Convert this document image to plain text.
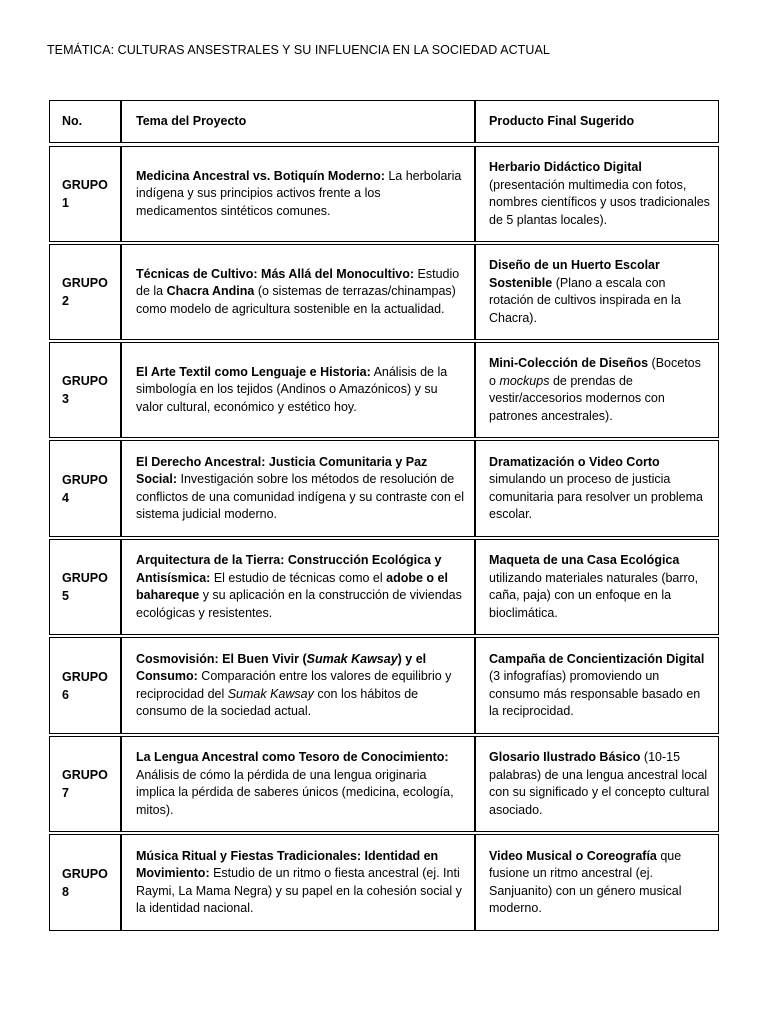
TEMÁTICA: CULTURAS ANSESTRALES Y SU INFLUENCIA EN LA SOCIEDAD ACTUAL
No.	Tema del Proyecto	Producto Final Sugerido
GRUPO 1
Medicina Ancestral vs. Botiquín Moderno: La herbolaria indígena y sus principios activos frente a los medicamentos sintéticos comunes.
Herbario Didáctico Digital (presentación multimedia con fotos, nombres científicos y usos tradicionales de 5 plantas locales).
GRUPO 2
Técnicas de Cultivo: Más Allá del Monocultivo: Estudio de la Chacra Andina (o sistemas de terrazas/chinampas) como modelo de agricultura sostenible en la actualidad.
Diseño de un Huerto Escolar Sostenible (Plano a escala con rotación de cultivos inspirada en la Chacra).
GRUPO 3
El Arte Textil como Lenguaje e Historia: Análisis de la simbología en los tejidos (Andinos o Amazónicos) y su valor cultural, económico y estético hoy.
Mini-Colección de Diseños (Bocetos o mockups de prendas de vestir/accesorios modernos con patrones ancestrales).
GRUPO 4
El Derecho Ancestral: Justicia Comunitaria y Paz Social: Investigación sobre los métodos de resolución de conflictos de una comunidad indígena y su contraste con el sistema judicial moderno.
Dramatización o Video Corto simulando un proceso de justicia comunitaria para resolver un problema escolar.
GRUPO 5
Arquitectura de la Tierra: Construcción Ecológica y Antisísmica: El estudio de técnicas como el adobe o el bahareque y su aplicación en la construcción de viviendas ecológicas y resistentes.
Maqueta de una Casa Ecológica utilizando materiales naturales (barro, caña, paja) con un enfoque en la bioclimática.
GRUPO 6
Cosmovisión: El Buen Vivir (Sumak Kawsay) y el Consumo: Comparación entre los valores de equilibrio y reciprocidad del Sumak Kawsay con los hábitos de consumo de la sociedad actual.
Campaña de Concientización Digital (3 infografías) promoviendo un consumo más responsable basado en la reciprocidad.
GRUPO 7
La Lengua Ancestral como Tesoro de Conocimiento: Análisis de cómo la pérdida de una lengua originaria implica la pérdida de saberes únicos (medicina, ecología, mitos).
Glosario Ilustrado Básico (10-15 palabras) de una lengua ancestral local con su significado y el concepto cultural asociado.
GRUPO 8
Música Ritual y Fiestas Tradicionales: Identidad en Movimiento: Estudio de un ritmo o fiesta ancestral (ej. Inti Raymi, La Mama Negra) y su papel en la cohesión social y la identidad nacional.
Video Musical o Coreografía que fusione un ritmo ancestral (ej. Sanjuanito) con un género musical moderno.
